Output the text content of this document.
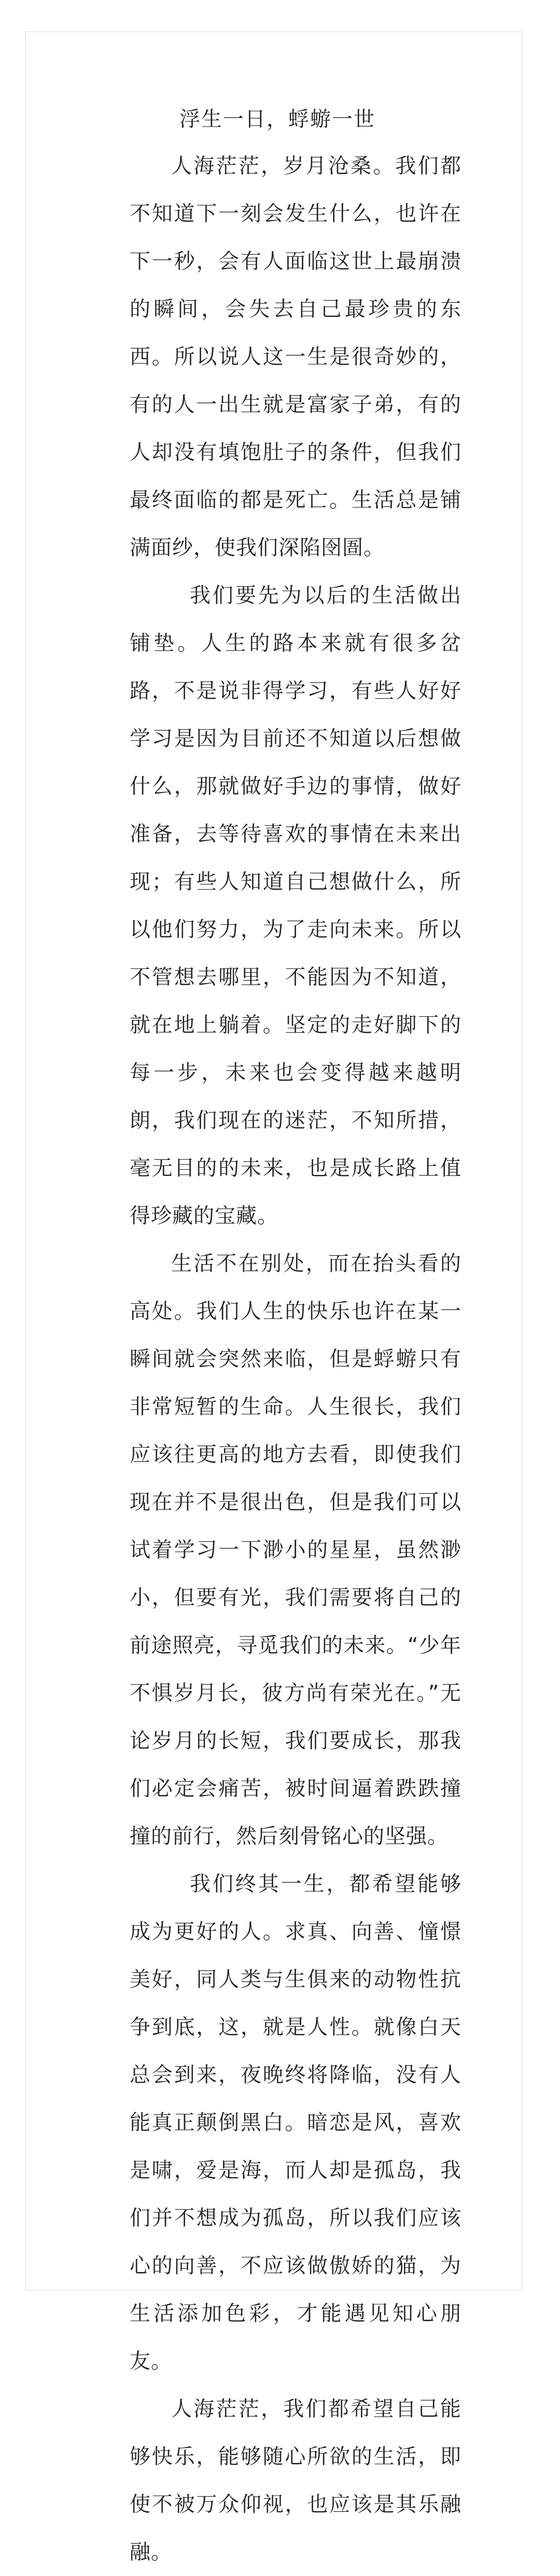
浮生一日，蜉蝣一世

人海茫茫，岁月沧桑。我们都不知道下一刻会发生什么，也许在下一秒，会有人面临这世上最崩溃的瞬间，会失去自己最珍贵的东西。所以说人这一生是很奇妙的，有的人一出生就是富家子弟，有的人却没有填饱肚子的条件，但我们最终面临的都是死亡。生活总是铺满面纱，使我们深陷囹圄。

我们要先为以后的生活做出铺垫。人生的路本来就有很多岔路，不是说非得学习，有些人好好学习是因为目前还不知道以后想做什么，那就做好手边的事情，做好准备，去等待喜欢的事情在未来出现；有些人知道自己想做什么，所以他们努力，为了走向未来。所以不管想去哪里，不能因为不知道，就在地上躺着。坚定的走好脚下的每一步，未来也会变得越来越明朗，我们现在的迷茫，不知所措，毫无目的的未来，也是成长路上值得珍藏的宝藏。

生活不在别处，而在抬头看的高处。我们人生的快乐也许在某一瞬间就会突然来临，但是蜉蝣只有非常短暂的生命。人生很长，我们应该往更高的地方去看，即使我们现在并不是很出色，但是我们可以试着学习一下渺小的星星，虽然渺小，但要有光，我们需要将自己的前途照亮，寻觅我们的未来。“少年不惧岁月长，彼方尚有荣光在。”无论岁月的长短，我们要成长，那我们必定会痛苦，被时间逼着跌跌撞撞的前行，然后刻骨铭心的坚强。

我们终其一生，都希望能够成为更好的人。求真、向善、憧憬美好，同人类与生俱来的动物性抗争到底，这，就是人性。就像白天总会到来，夜晚终将降临，没有人能真正颠倒黑白。暗恋是风，喜欢是啸，爱是海，而人却是孤岛，我们并不想成为孤岛，所以我们应该心的向善，不应该做傲娇的猫，为生活添加色彩，才能遇见知心朋友。

人海茫茫，我们都希望自己能够快乐，能够随心所欲的生活，即使不被万众仰视，也应该是其乐融融。
